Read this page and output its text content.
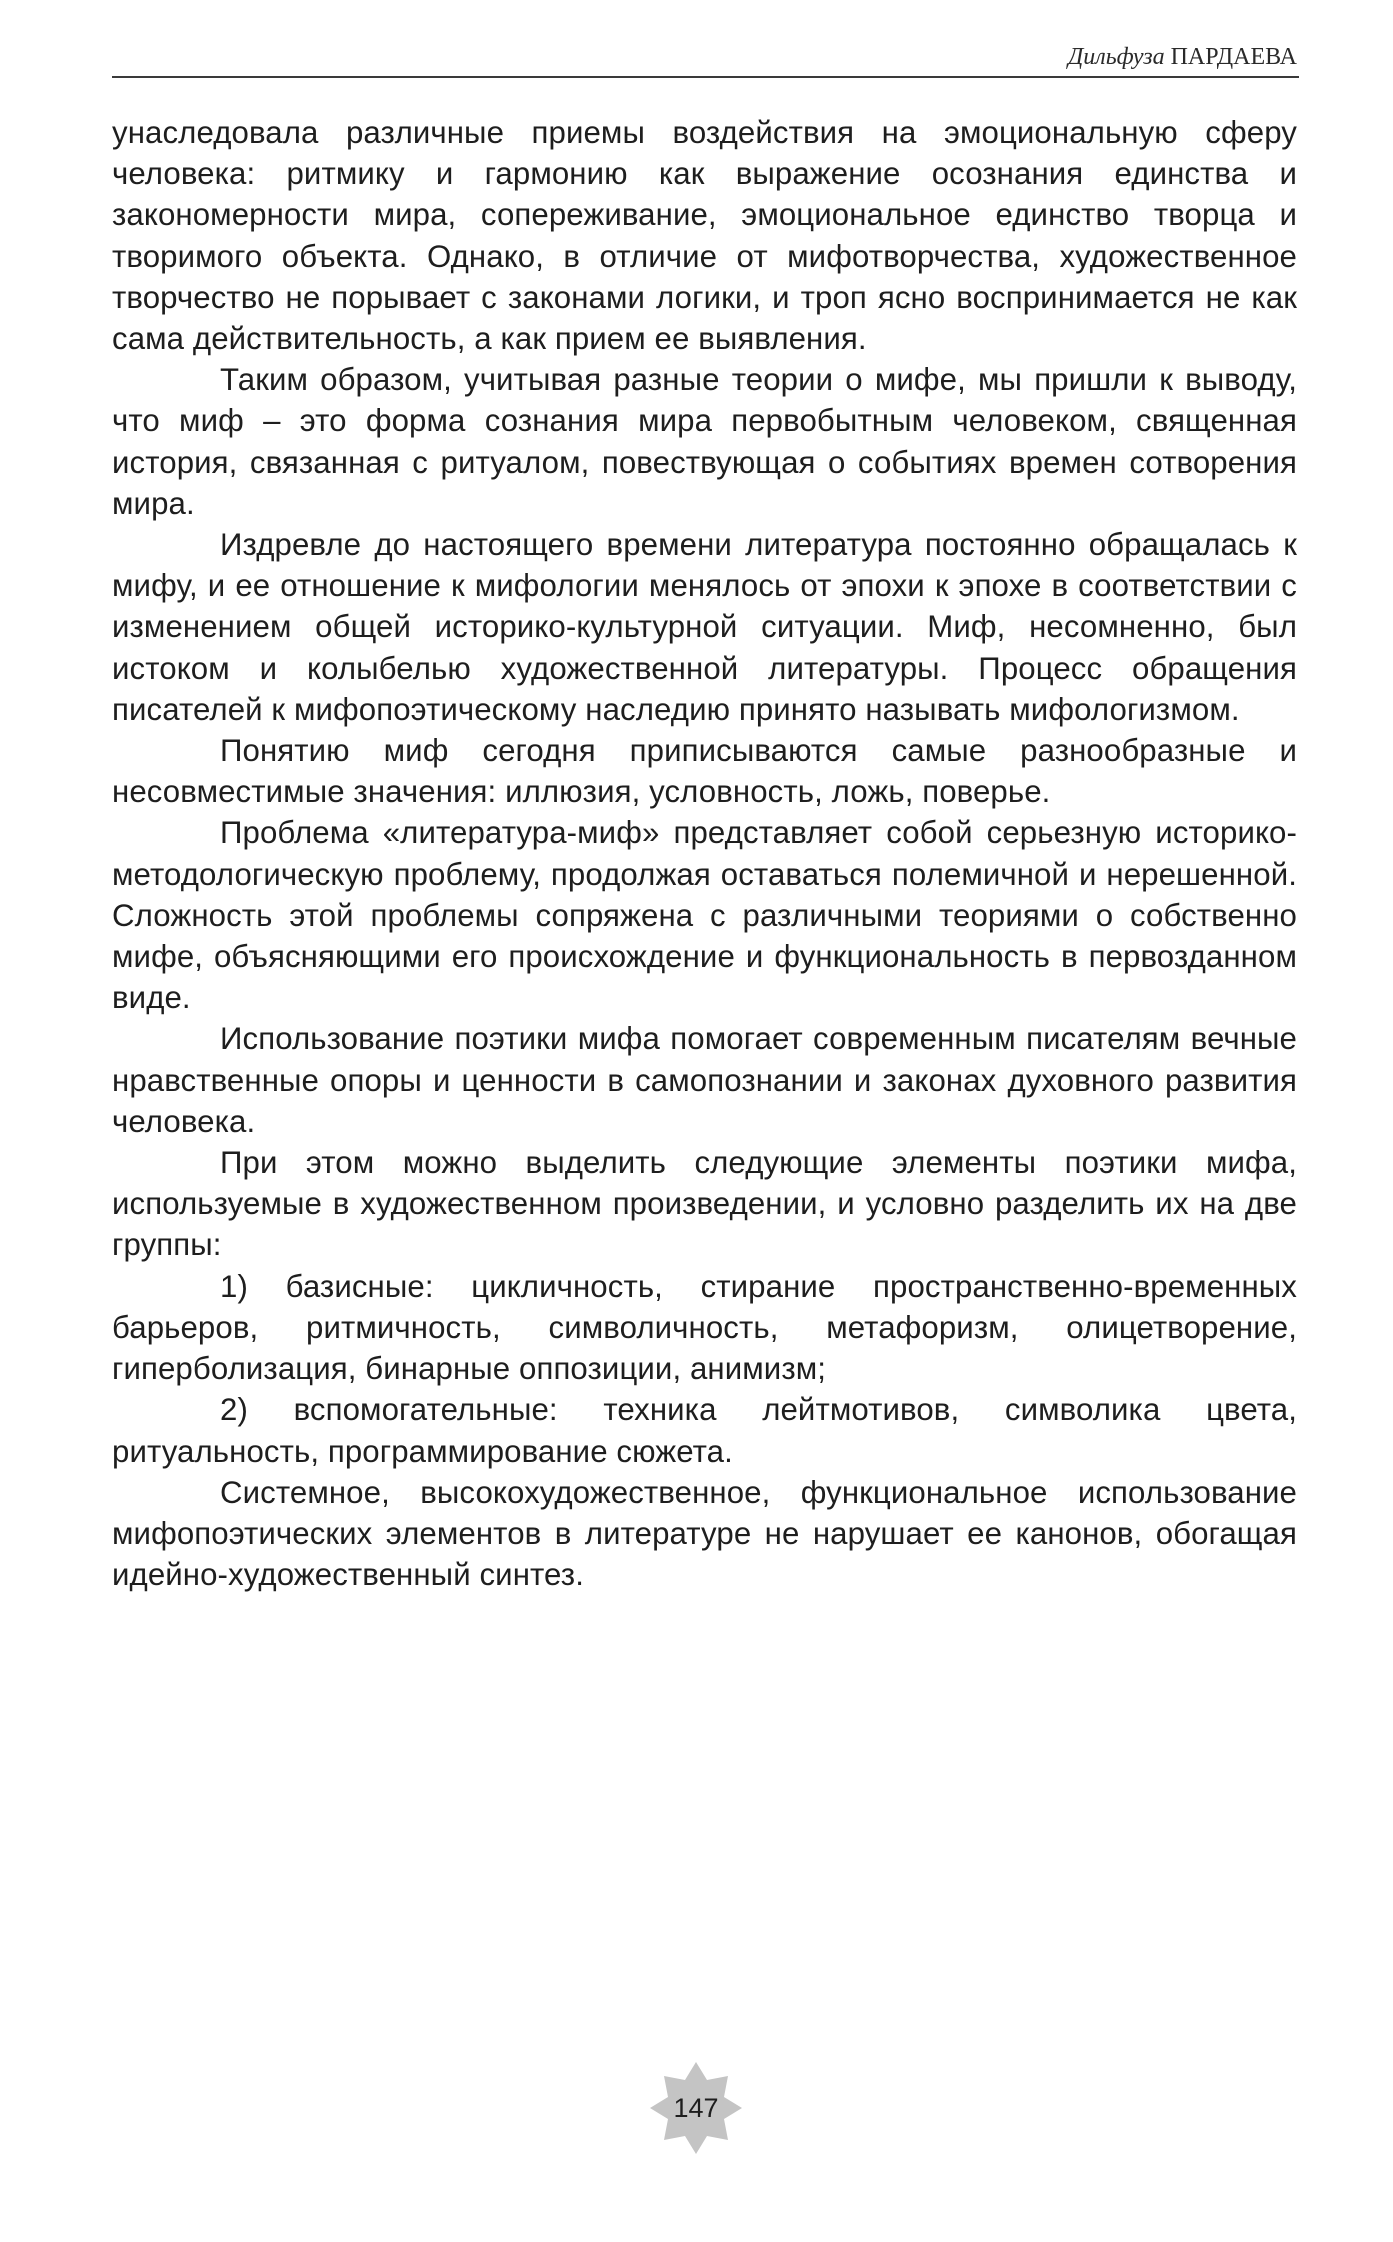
Дильфуза ПАРДАЕВА

унаследовала различные приемы воздействия на эмоциональную сферу человека: ритмику и гармонию как выражение осознания единства и закономерности мира, сопереживание, эмоциональное единство творца и творимого объекта. Однако, в отличие от мифотворчества, художественное творчество не порывает с законами логики, и троп ясно воспринимается не как сама действительность, а как прием ее выявления.

Таким образом, учитывая разные теории о мифе, мы пришли к выводу, что миф – это форма сознания мира первобытным человеком, священная история, связанная с ритуалом, повествующая о событиях времен сотворения мира.

Издревле до настоящего времени литература постоянно обращалась к мифу, и ее отношение к мифологии менялось от эпохи к эпохе в соответствии с изменением общей историко-культурной ситуации. Миф, несомненно, был истоком и колыбелью художественной литературы. Процесс обращения писателей к мифопоэтическому наследию принято называть мифологизмом.

Понятию миф сегодня приписываются самые разнообразные и несовместимые значения: иллюзия, условность, ложь, поверье.

Проблема «литература-миф» представляет собой серьезную историко-методологическую проблему, продолжая оставаться полемичной и нерешенной. Сложность этой проблемы сопряжена с различными теориями о собственно мифе, объясняющими его происхождение и функциональность в первозданном виде.

Использование поэтики мифа помогает современным писателям вечные нравственные опоры и ценности в самопознании и законах духовного развития человека.

При этом можно выделить следующие элементы поэтики мифа, используемые в художественном произведении, и условно разделить их на две группы:

1) базисные: цикличность, стирание пространственно-временных барьеров, ритмичность, символичность, метафоризм, олицетворение, гиперболизация, бинарные оппозиции, анимизм;

2) вспомогательные: техника лейтмотивов, символика цвета, ритуальность, программирование сюжета.

Системное, высокохудожественное, функциональное использование мифопоэтических элементов в литературе не нарушает ее канонов, обогащая идейно-художественный синтез.

147
